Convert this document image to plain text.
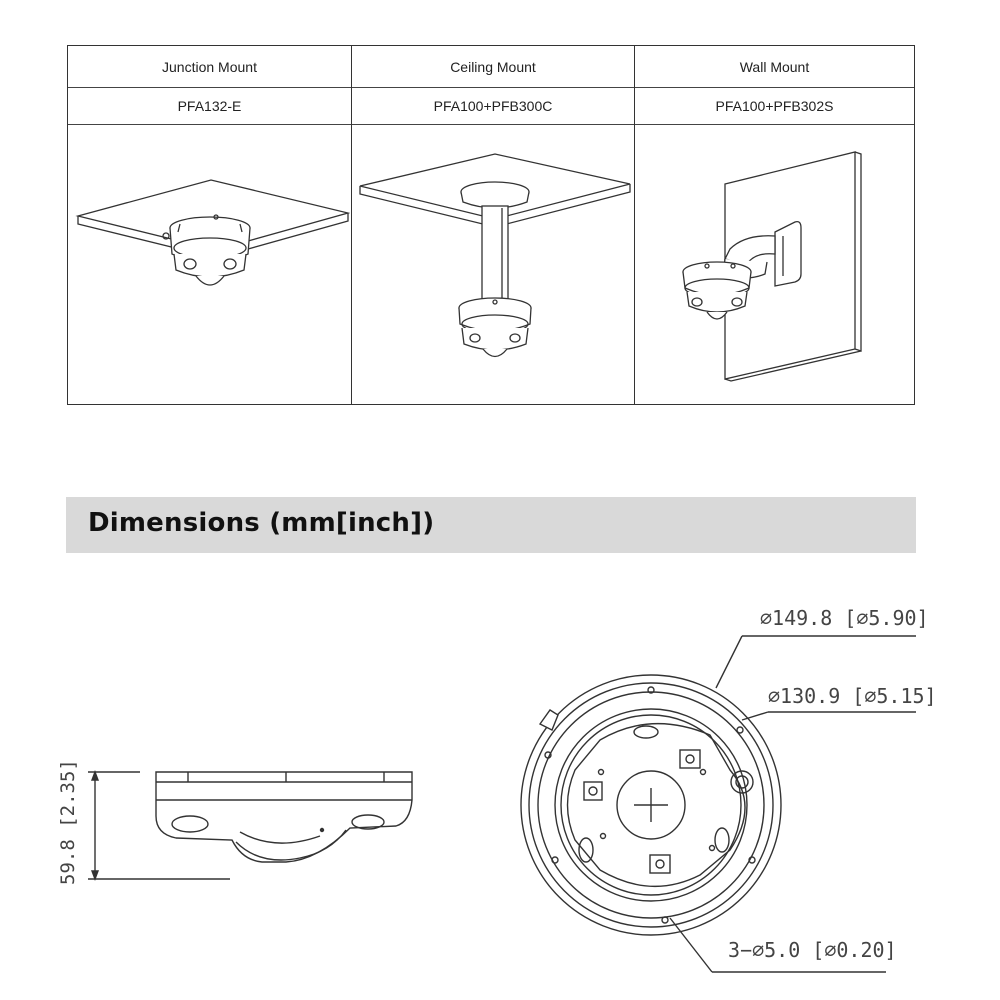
Junction Mount
PFA132-E
Ceiling Mount
PFA100+PFB300C
Wall Mount
PFA100+PFB302S
Dimensions (mm[inch])
⌀149.8 [⌀5.90]
⌀130.9 [⌀5.15]
3−⌀5.0 [⌀0.20]
59.8 [2.35]
